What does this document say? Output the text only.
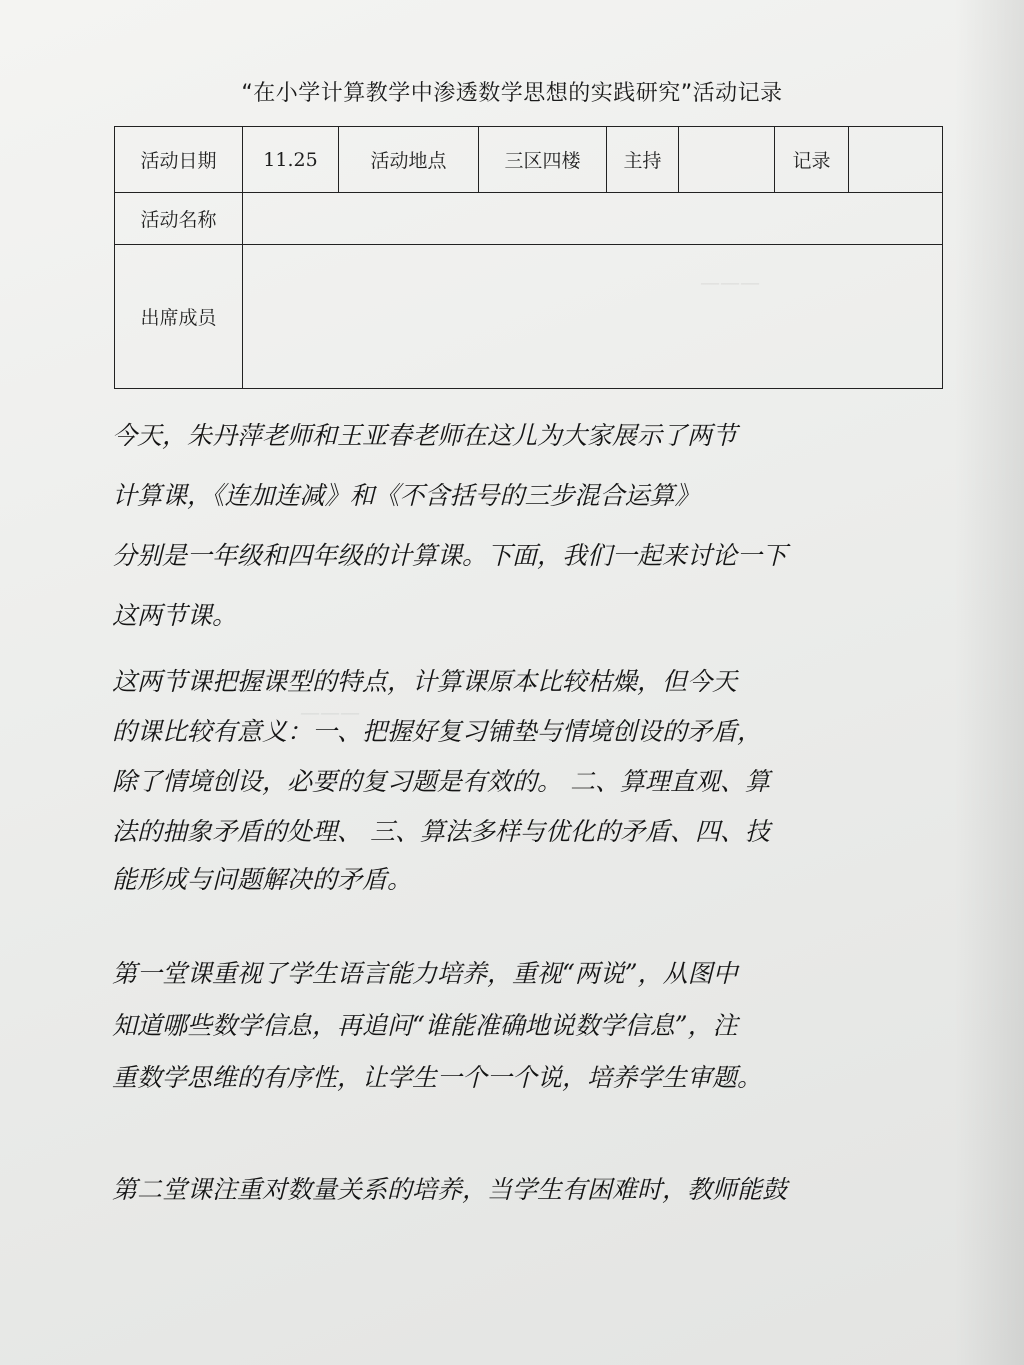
———
———
“在小学计算教学中渗透数学思想的实践研究”活动记录
活动日期	11.25	活动地点	三区四楼	主持		记录	
活动名称							
出席成员							
今天，朱丹萍老师和王亚春老师在这儿为大家展示了两节
计算课，《连加连减》和《不含括号的三步混合运算》
分别是一年级和四年级的计算课。下面，我们一起来讨论一下
这两节课。
这两节课把握课型的特点，计算课原本比较枯燥，但今天
的课比较有意义：一、把握好复习铺垫与情境创设的矛盾，
除了情境创设，必要的复习题是有效的。 二、算理直观、算
法的抽象矛盾的处理、 三、算法多样与优化的矛盾、四、技
能形成与问题解决的矛盾。
第一堂课重视了学生语言能力培养，重视“两说”，从图中
知道哪些数学信息，再追问“谁能准确地说数学信息”，注
重数学思维的有序性，让学生一个一个说，培养学生审题。
第二堂课注重对数量关系的培养，当学生有困难时，教师能鼓
